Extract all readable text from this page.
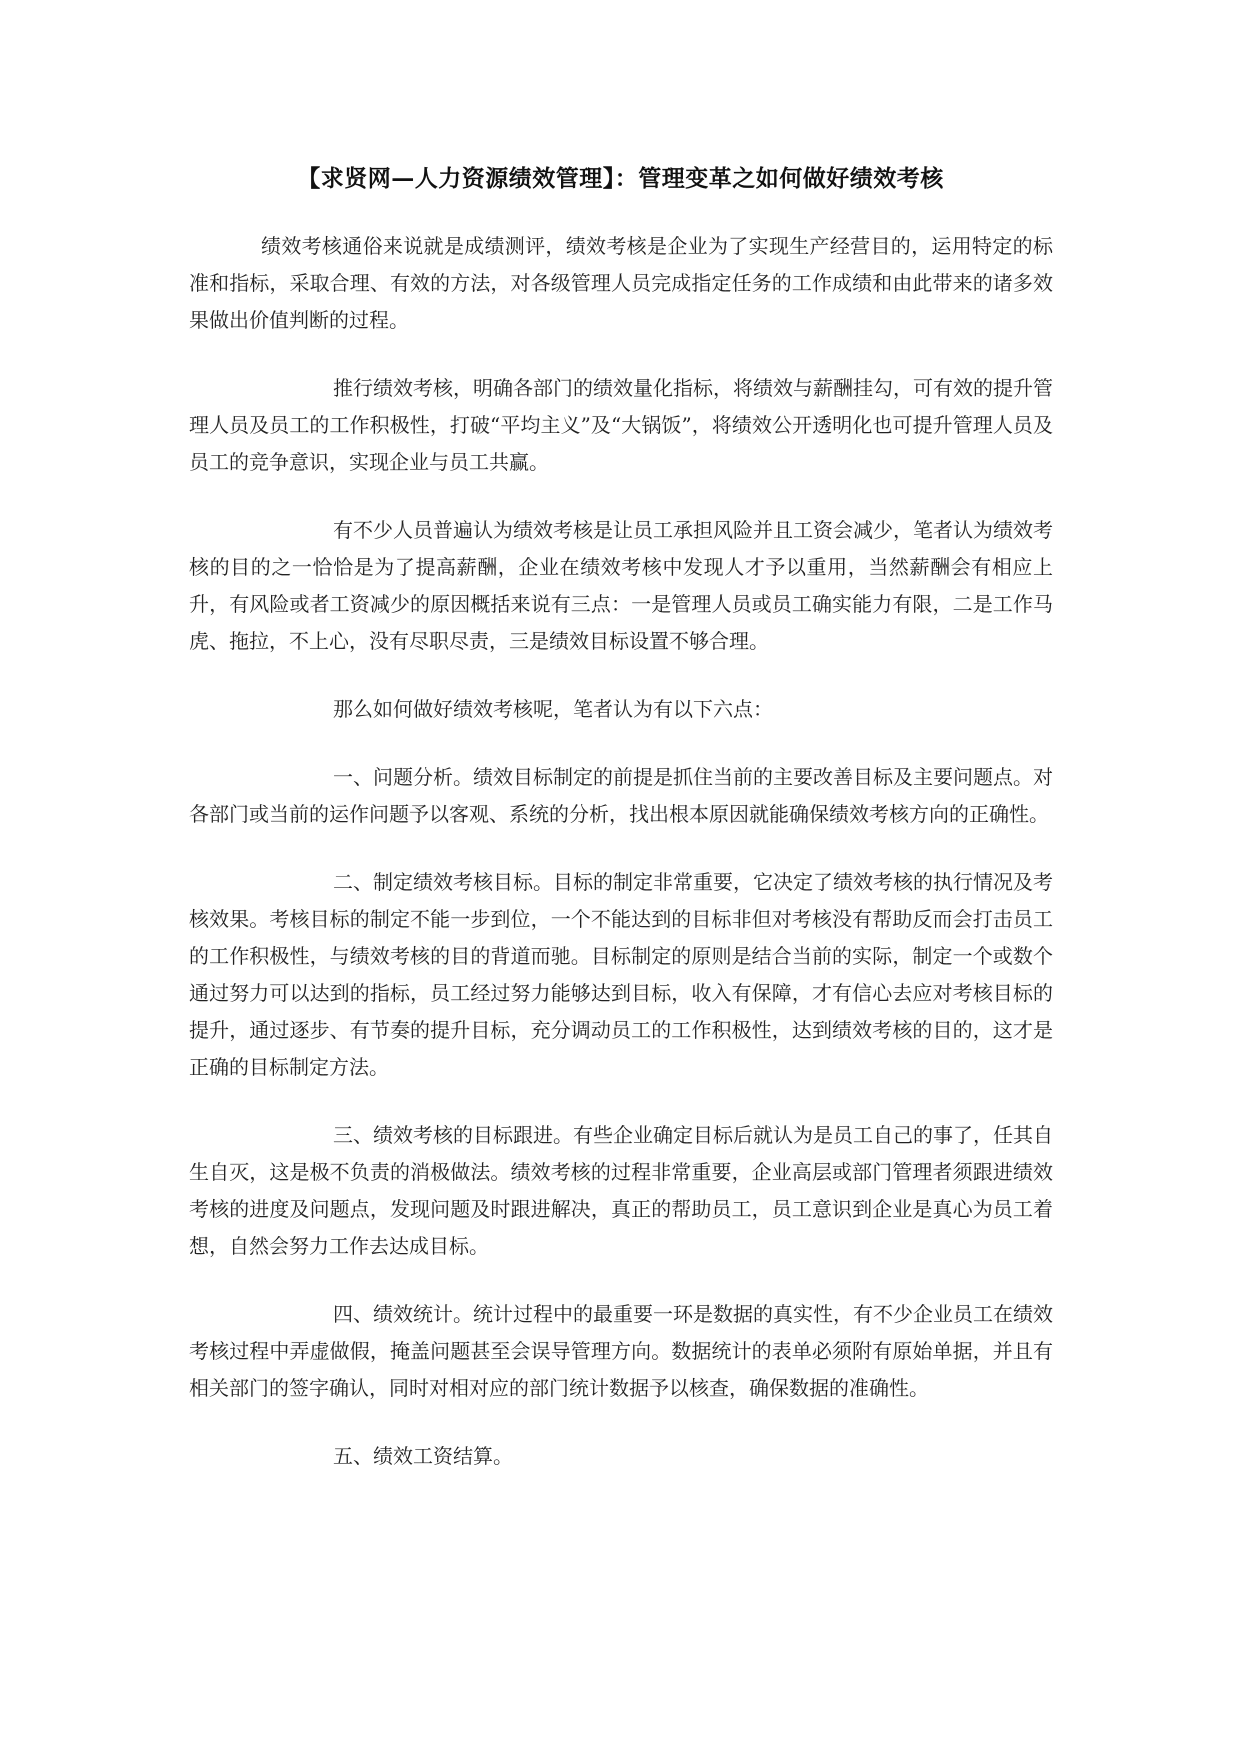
【求贤网—人力资源绩效管理】：管理变革之如何做好绩效考核

绩效考核通俗来说就是成绩测评，绩效考核是企业为了实现生产经营目的，运用特定的标准和指标，采取合理、有效的方法，对各级管理人员完成指定任务的工作成绩和由此带来的诸多效果做出价值判断的过程。

推行绩效考核，明确各部门的绩效量化指标，将绩效与薪酬挂勾，可有效的提升管理人员及员工的工作积极性，打破“平均主义”及“大锅饭”，将绩效公开透明化也可提升管理人员及员工的竞争意识，实现企业与员工共赢。

有不少人员普遍认为绩效考核是让员工承担风险并且工资会减少，笔者认为绩效考核的目的之一恰恰是为了提高薪酬，企业在绩效考核中发现人才予以重用，当然薪酬会有相应上升，有风险或者工资减少的原因概括来说有三点：一是管理人员或员工确实能力有限，二是工作马虎、拖拉，不上心，没有尽职尽责，三是绩效目标设置不够合理。

那么如何做好绩效考核呢，笔者认为有以下六点：

一、问题分析。绩效目标制定的前提是抓住当前的主要改善目标及主要问题点。对各部门或当前的运作问题予以客观、系统的分析，找出根本原因就能确保绩效考核方向的正确性。

二、制定绩效考核目标。目标的制定非常重要，它决定了绩效考核的执行情况及考核效果。考核目标的制定不能一步到位，一个不能达到的目标非但对考核没有帮助反而会打击员工的工作积极性，与绩效考核的目的背道而驰。目标制定的原则是结合当前的实际，制定一个或数个通过努力可以达到的指标，员工经过努力能够达到目标，收入有保障，才有信心去应对考核目标的提升，通过逐步、有节奏的提升目标，充分调动员工的工作积极性，达到绩效考核的目的，这才是正确的目标制定方法。

三、绩效考核的目标跟进。有些企业确定目标后就认为是员工自己的事了，任其自生自灭，这是极不负责的消极做法。绩效考核的过程非常重要，企业高层或部门管理者须跟进绩效考核的进度及问题点，发现问题及时跟进解决，真正的帮助员工，员工意识到企业是真心为员工着想，自然会努力工作去达成目标。

四、绩效统计。统计过程中的最重要一环是数据的真实性，有不少企业员工在绩效考核过程中弄虚做假，掩盖问题甚至会误导管理方向。数据统计的表单必须附有原始单据，并且有相关部门的签字确认，同时对相对应的部门统计数据予以核查，确保数据的准确性。

五、绩效工资结算。
